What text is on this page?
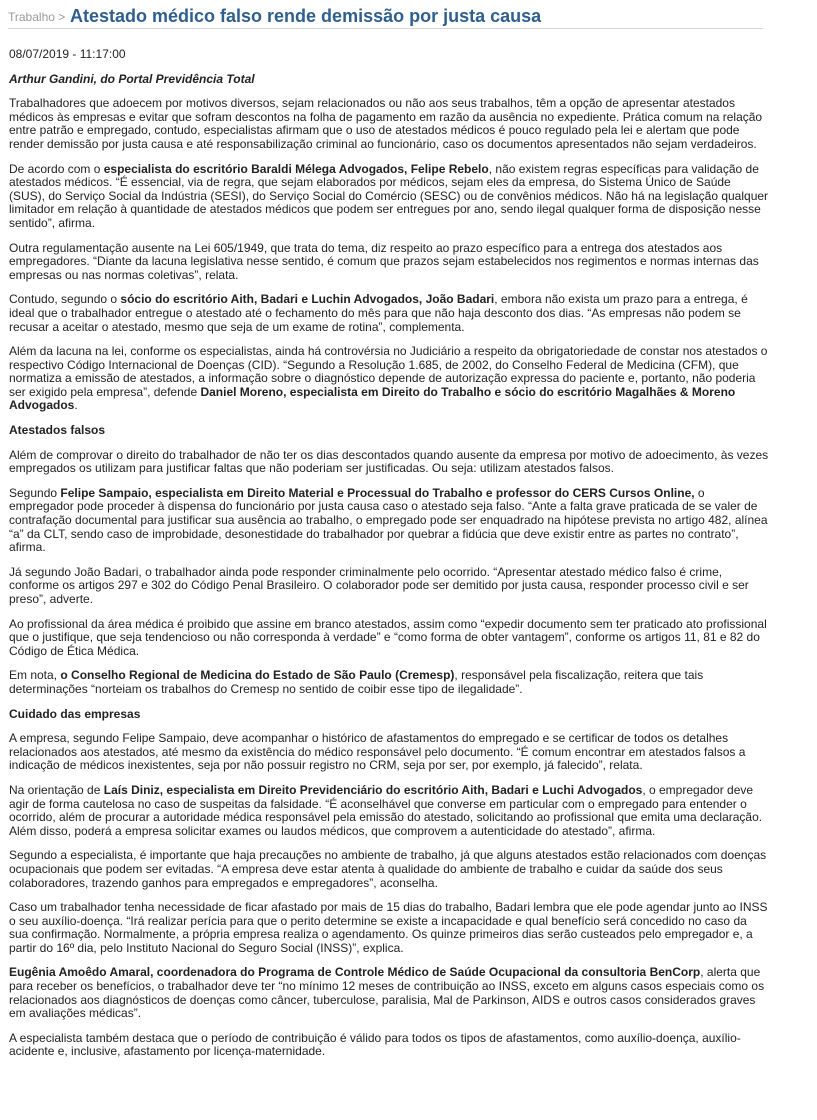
Trabalho > Atestado médico falso rende demissão por justa causa

08/07/2019 - 11:17:00

Arthur Gandini, do Portal Previdência Total

Trabalhadores que adoecem por motivos diversos, sejam relacionados ou não aos seus trabalhos, têm a opção de apresentar atestados médicos às empresas e evitar que sofram descontos na folha de pagamento em razão da ausência no expediente. Prática comum na relação entre patrão e empregado, contudo, especialistas afirmam que o uso de atestados médicos é pouco regulado pela lei e alertam que pode render demissão por justa causa e até responsabilização criminal ao funcionário, caso os documentos apresentados não sejam verdadeiros.

De acordo com o especialista do escritório Baraldi Mélega Advogados, Felipe Rebelo, não existem regras específicas para validação de atestados médicos. “É essencial, via de regra, que sejam elaborados por médicos, sejam eles da empresa, do Sistema Único de Saúde (SUS), do Serviço Social da Indústria (SESI), do Serviço Social do Comércio (SESC) ou de convênios médicos. Não há na legislação qualquer limitador em relação à quantidade de atestados médicos que podem ser entregues por ano, sendo ilegal qualquer forma de disposição nesse sentido”, afirma.

Outra regulamentação ausente na Lei 605/1949, que trata do tema, diz respeito ao prazo específico para a entrega dos atestados aos empregadores. “Diante da lacuna legislativa nesse sentido, é comum que prazos sejam estabelecidos nos regimentos e normas internas das empresas ou nas normas coletivas”, relata.

Contudo, segundo o sócio do escritório Aith, Badari e Luchin Advogados, João Badari, embora não exista um prazo para a entrega, é ideal que o trabalhador entregue o atestado até o fechamento do mês para que não haja desconto dos dias. “As empresas não podem se recusar a aceitar o atestado, mesmo que seja de um exame de rotina”, complementa.

Além da lacuna na lei, conforme os especialistas, ainda há controvérsia no Judiciário a respeito da obrigatoriedade de constar nos atestados o respectivo Código Internacional de Doenças (CID). “Segundo a Resolução 1.685, de 2002, do Conselho Federal de Medicina (CFM), que normatiza a emissão de atestados, a informação sobre o diagnóstico depende de autorização expressa do paciente e, portanto, não poderia ser exigido pela empresa”, defende Daniel Moreno, especialista em Direito do Trabalho e sócio do escritório Magalhães & Moreno Advogados.

Atestados falsos

Além de comprovar o direito do trabalhador de não ter os dias descontados quando ausente da empresa por motivo de adoecimento, às vezes empregados os utilizam para justificar faltas que não poderiam ser justificadas. Ou seja: utilizam atestados falsos.

Segundo Felipe Sampaio, especialista em Direito Material e Processual do Trabalho e professor do CERS Cursos Online, o empregador pode proceder à dispensa do funcionário por justa causa caso o atestado seja falso. “Ante a falta grave praticada de se valer de contrafação documental para justificar sua ausência ao trabalho, o empregado pode ser enquadrado na hipótese prevista no artigo 482, alínea “a” da CLT, sendo caso de improbidade, desonestidade do trabalhador por quebrar a fidúcia que deve existir entre as partes no contrato”, afirma.

Já segundo João Badari, o trabalhador ainda pode responder criminalmente pelo ocorrido. “Apresentar atestado médico falso é crime, conforme os artigos 297 e 302 do Código Penal Brasileiro. O colaborador pode ser demitido por justa causa, responder processo civil e ser preso”, adverte.

Ao profissional da área médica é proibido que assine em branco atestados, assim como “expedir documento sem ter praticado ato profissional que o justifique, que seja tendencioso ou não corresponda à verdade” e “como forma de obter vantagem”, conforme os artigos 11, 81 e 82 do Código de Ética Médica.

Em nota, o Conselho Regional de Medicina do Estado de São Paulo (Cremesp), responsável pela fiscalização, reitera que tais determinações “norteiam os trabalhos do Cremesp no sentido de coibir esse tipo de ilegalidade”.

Cuidado das empresas

A empresa, segundo Felipe Sampaio, deve acompanhar o histórico de afastamentos do empregado e se certificar de todos os detalhes relacionados aos atestados, até mesmo da existência do médico responsável pelo documento. “É comum encontrar em atestados falsos a indicação de médicos inexistentes, seja por não possuir registro no CRM, seja por ser, por exemplo, já falecido”, relata.

Na orientação de Laís Diniz, especialista em Direito Previdenciário do escritório Aith, Badari e Luchi Advogados, o empregador deve agir de forma cautelosa no caso de suspeitas da falsidade. “É aconselhável que converse em particular com o empregado para entender o ocorrido, além de procurar a autoridade médica responsável pela emissão do atestado, solicitando ao profissional que emita uma declaração. Além disso, poderá a empresa solicitar exames ou laudos médicos, que comprovem a autenticidade do atestado”, afirma.

Segundo a especialista, é importante que haja precauções no ambiente de trabalho, já que alguns atestados estão relacionados com doenças ocupacionais que podem ser evitadas. “A empresa deve estar atenta à qualidade do ambiente de trabalho e cuidar da saúde dos seus colaboradores, trazendo ganhos para empregados e empregadores”, aconselha.

Caso um trabalhador tenha necessidade de ficar afastado por mais de 15 dias do trabalho, Badari lembra que ele pode agendar junto ao INSS o seu auxílio-doença. “Irá realizar perícia para que o perito determine se existe a incapacidade e qual benefício será concedido no caso da sua confirmação. Normalmente, a própria empresa realiza o agendamento. Os quinze primeiros dias serão custeados pelo empregador e, a partir do 16º dia, pelo Instituto Nacional do Seguro Social (INSS)”, explica.

Eugênia Amoêdo Amaral, coordenadora do Programa de Controle Médico de Saúde Ocupacional da consultoria BenCorp, alerta que para receber os benefícios, o trabalhador deve ter “no mínimo 12 meses de contribuição ao INSS, exceto em alguns casos especiais como os relacionados aos diagnósticos de doenças como câncer, tuberculose, paralisia, Mal de Parkinson, AIDS e outros casos considerados graves em avaliações médicas”.

A especialista também destaca que o período de contribuição é válido para todos os tipos de afastamentos, como auxílio-doença, auxílio-acidente e, inclusive, afastamento por licença-maternidade.
